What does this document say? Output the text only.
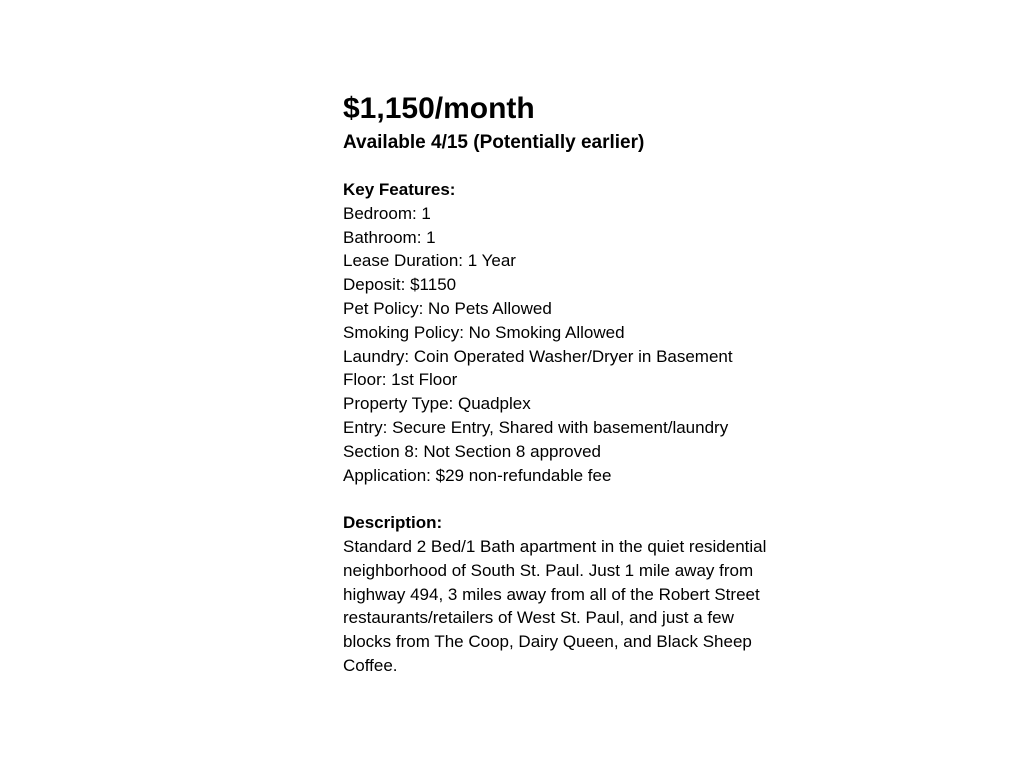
$1,150/month
Available 4/15 (Potentially earlier)
Key Features:
Bedroom: 1
Bathroom: 1
Lease Duration: 1 Year
Deposit: $1150
Pet Policy: No Pets Allowed
Smoking Policy: No Smoking Allowed
Laundry: Coin Operated Washer/Dryer in Basement
Floor: 1st Floor
Property Type: Quadplex
Entry: Secure Entry, Shared with basement/laundry
Section 8: Not Section 8 approved
Application: $29 non-refundable fee
Description:
Standard 2 Bed/1 Bath apartment in the quiet residential
neighborhood of South St. Paul. Just 1 mile away from
highway 494, 3 miles away from all of the Robert Street
restaurants/retailers of West St. Paul, and just a few
blocks from The Coop, Dairy Queen, and Black Sheep
Coffee.
